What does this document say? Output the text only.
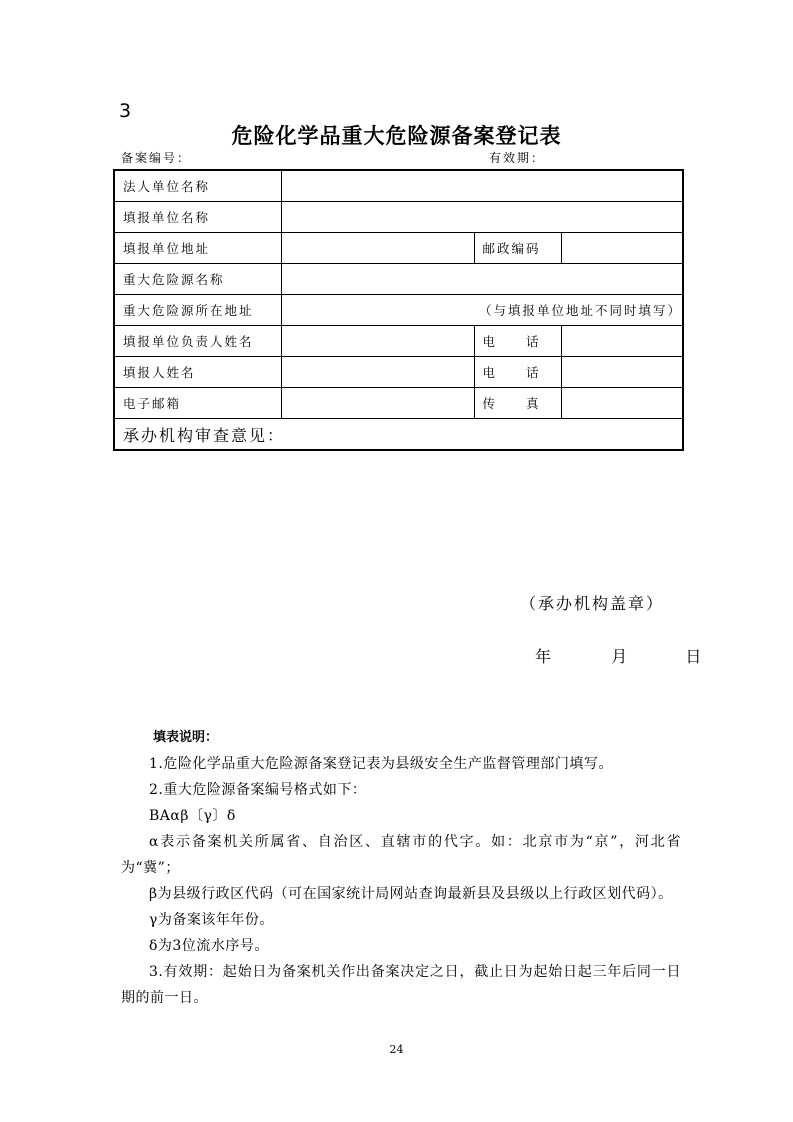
3
危险化学品重大危险源备案登记表
备案编号：	有效期：
法人单位名称			
填报单位名称			
填报单位地址		邮政编码	
重大危险源名称			
重大危险源所在地址	（与填报单位地址不同时填写）		
填报单位负责人姓名		电　　话	
填报人姓名		电　　话	
电子邮箱		传　　真	

承办机构审查意见：
（承办机构盖章）
年 月 日			
填表说明：
1.危险化学品重大危险源备案登记表为县级安全生产监督管理部门填写。
2.重大危险源备案编号格式如下：
BAαβ〔γ〕δ
α表示备案机关所属省、自治区、直辖市的代字。如：北京市为“京”，河北省为“冀”；
β为县级行政区代码（可在国家统计局网站查询最新县及县级以上行政区划代码）。
γ为备案该年年份。
δ为3位流水序号。
3.有效期：起始日为备案机关作出备案决定之日，截止日为起始日起三年后同一日期的前一日。
24
